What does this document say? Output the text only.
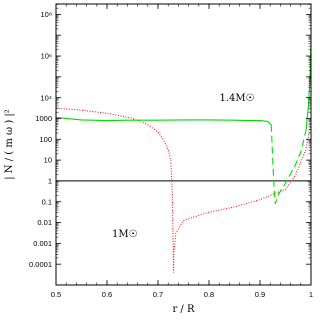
0.5	0.6	0.7	0.8	0.9	1
0.0001
0.001
0.01
0.1
1
10
100
1000
10⁴
10⁶
10⁸
1.4M☉
1M☉
r / R
| N / ( m ω ) |²
